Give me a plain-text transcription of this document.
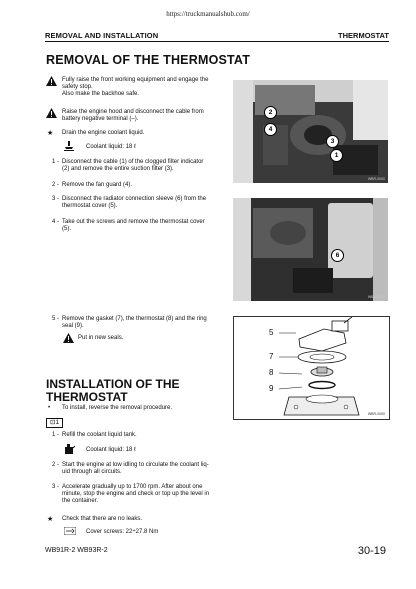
https://truckmanualshub.com/
REMOVAL AND INSTALLATION	THERMOSTAT
REMOVAL OF THE THERMOSTAT
Fully raise the front working equipment and engage the
safety stop.
Also make the backhoe safe.
Raise the engine hood and disconnect the cable from
battery negative terminal (–).
★ Drain the engine coolant liquid.
Coolant liquid: 18 ℓ
1 - Disconnect the cable (1) of the clogged filter indicator
(2) and remove the entire suction filter (3).
2 - Remove the fan guard (4).
3 - Disconnect the radiator connection sleeve (6) from the
thermostat cover (5).
4 - Take out the screws and remove the thermostat cover
(5).
2
4
3
1
WBR-0000
6
WBR-0000
5 - Remove the gasket (7), the thermostat (8) and the ring
seal (9).
Put in new seals.
5
7
8
9
WBR-0000
INSTALLATION OF THE
THERMOSTAT
• To install, reverse the removal procedure.
⊡1
1 - Refill the coolant liquid tank.
Coolant liquid: 18 ℓ
2 - Start the engine at low idling to circulate the coolant liq-
uid through all circuits.
3 - Accelerate gradually up to 1700 rpm. After about one
minute, stop the engine and check or top up the level in
the container.
★ Check that there are no leaks.
Cover screws: 22÷27.8 Nm
WB91R-2 WB93R-2	30-19
